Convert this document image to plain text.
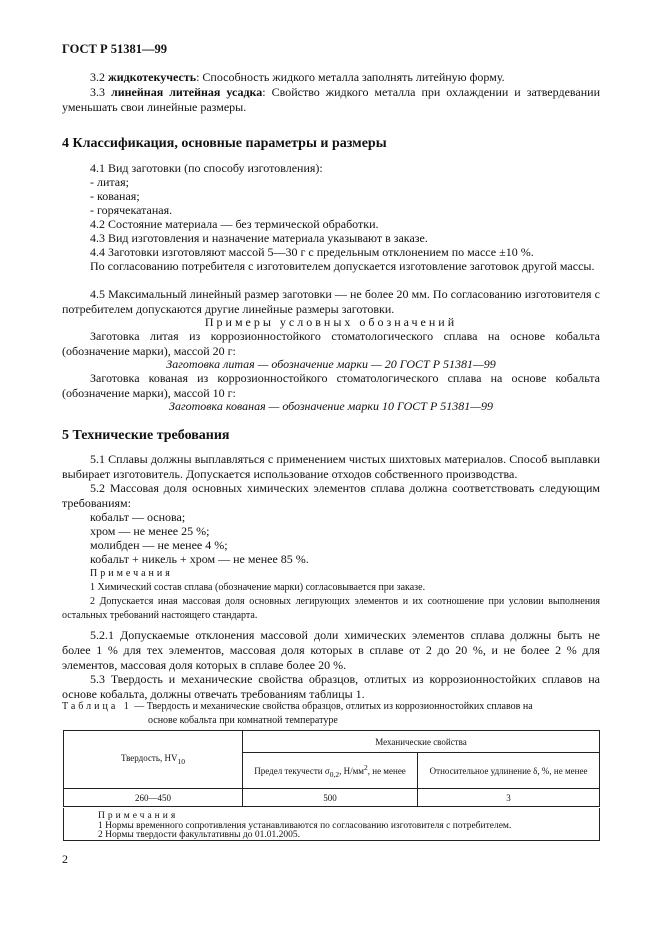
ГОСТ Р 51381—99
3.2 жидкотекучесть: Способность жидкого металла заполнять литейную форму.
3.3 линейная литейная усадка: Свойство жидкого металла при охлаждении и затвердевании уменьшать свои линейные размеры.
4 Классификация, основные параметры и размеры
4.1 Вид заготовки (по способу изготовления):
- литая;
- кованая;
- горячекатаная.
4.2 Состояние материала — без термической обработки.
4.3 Вид изготовления и назначение материала указывают в заказе.
4.4 Заготовки изготовляют массой 5—30 г с предельным отклонением по массе ±10 %.
По согласованию потребителя с изготовителем допускается изготовление заготовок другой массы.
4.5 Максимальный линейный размер заготовки — не более 20 мм. По согласованию изготовителя с потребителем допускаются другие линейные размеры заготовки.
Примеры условных обозначений
Заготовка литая из коррозионностойкого стоматологического сплава на основе кобальта (обозначение марки), массой 20 г:
Заготовка литая — обозначение марки — 20 ГОСТ Р 51381—99
Заготовка кованая из коррозионностойкого стоматологического сплава на основе кобальта (обозначение марки), массой 10 г:
Заготовка кованая — обозначение марки 10 ГОСТ Р 51381—99
5 Технические требования
5.1 Сплавы должны выплавляться с применением чистых шихтовых материалов. Способ выплавки выбирает изготовитель. Допускается использование отходов собственного производства.
5.2 Массовая доля основных химических элементов сплава должна соответствовать следующим требованиям:
кобальт — основа;
хром — не менее 25 %;
молибден — не менее 4 %;
кобальт + никель + хром — не менее 85 %.
Примечания
1 Химический состав сплава (обозначение марки) согласовывается при заказе.
2 Допускается иная массовая доля основных легирующих элементов и их соотношение при условии выполнения остальных требований настоящего стандарта.
5.2.1 Допускаемые отклонения массовой доли химических элементов сплава должны быть не более 1 % для тех элементов, массовая доля которых в сплаве от 2 до 20 %, и не более 2 % для элементов, массовая доля которых в сплаве более 20 %.
5.3 Твердость и механические свойства образцов, отлитых из коррозионностойких сплавов на основе кобальта, должны отвечать требованиям таблицы 1.
Таблица 1 — Твердость и механические свойства образцов, отлитых из коррозионностойких сплавов на
основе кобальта при комнатной температуре
Твердость, $HV_{10}$	Механические свойства	
	Предел текучести $\sigma_{0,2}$, $Н/мм^2$, не менее	Относительное удлинение δ, %, не менее
260—450	500	3
Примечания
1 Нормы временного сопротивления устанавливаются по согласованию изготовителя с потребителем.
2 Нормы твердости факультативны до 01.01.2005.
2
